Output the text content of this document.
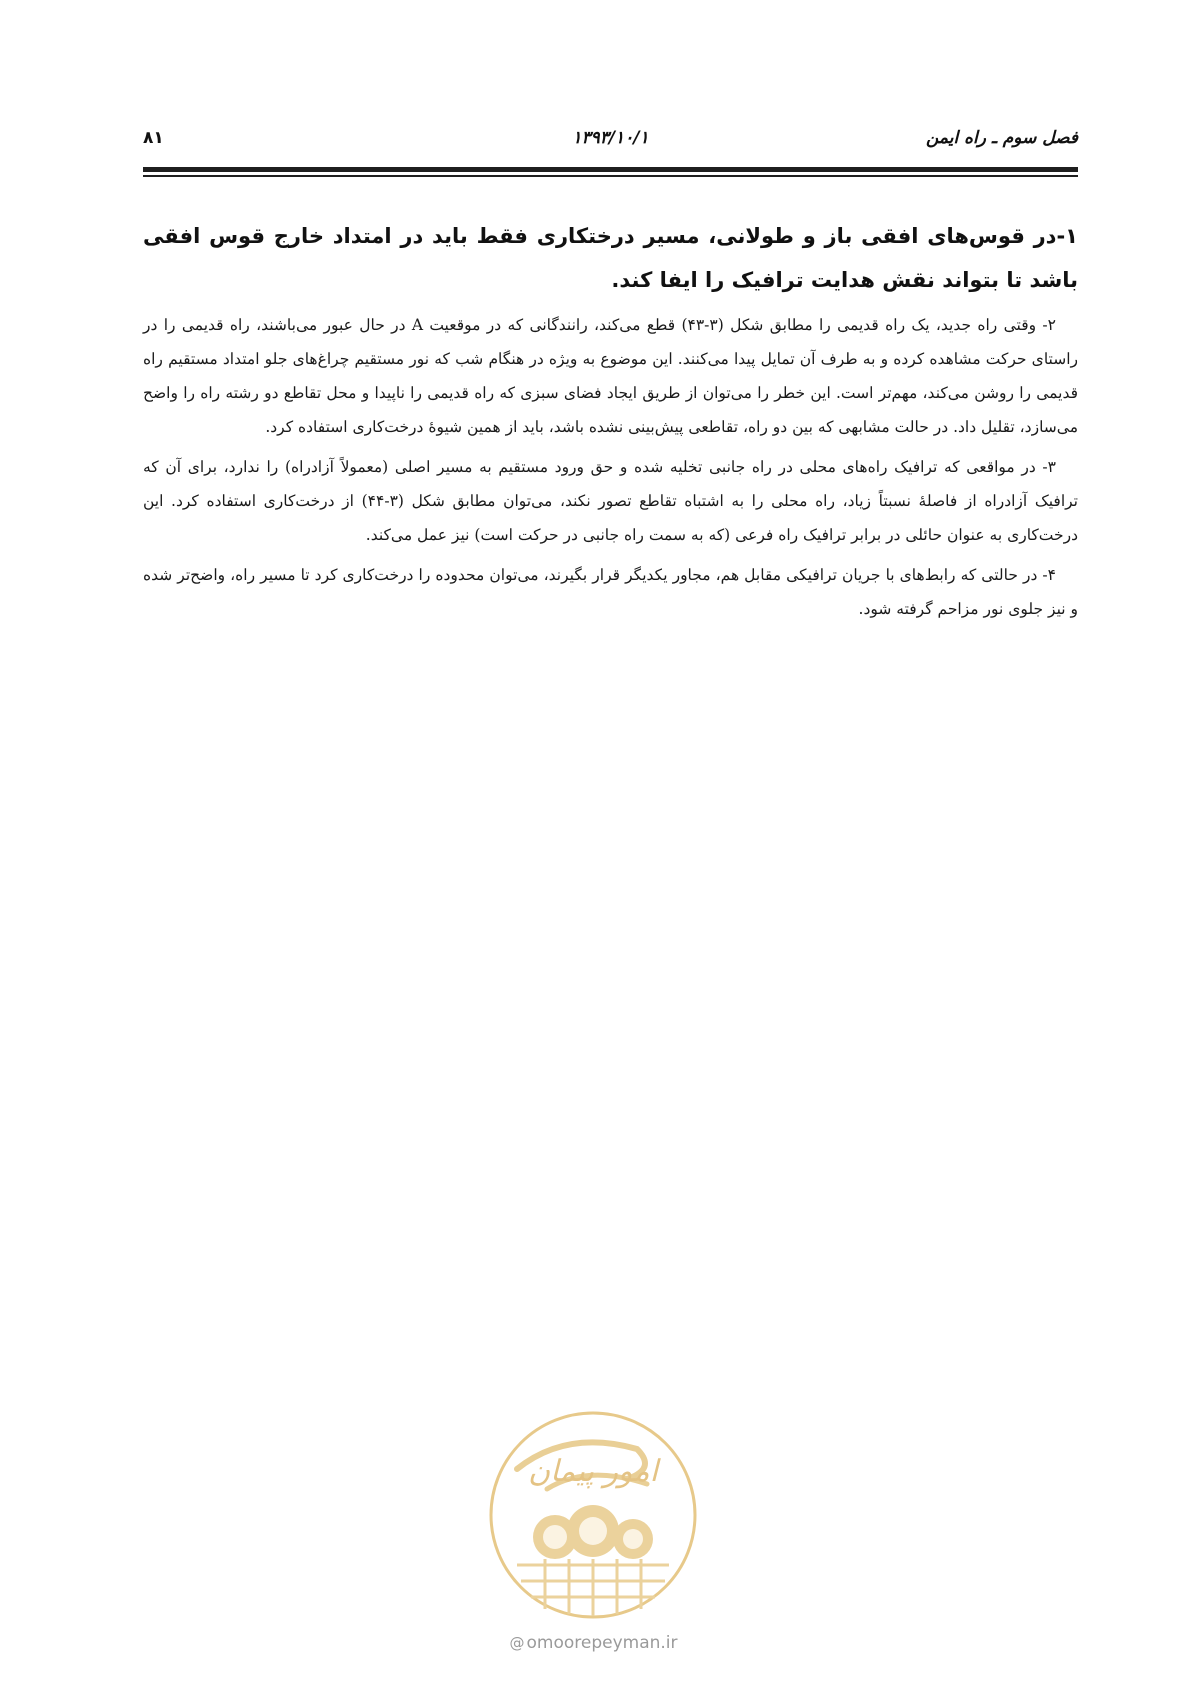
فصل سوم ـ راه ایمن
۱۳۹۳/۱۰/۱
۸۱

۱-در قوس‌های افقی باز و طولانی، مسیر درختکاری فقط باید در امتداد خارج قوس افقی باشد تا بتواند نقش هدایت ترافیک را ایفا کند.

۲- وقتی راه جدید، یک راه قدیمی را مطابق شکل (۳-۴۳) قطع می‌کند، رانندگانی که در موقعیت A در حال عبور می‌باشند، راه قدیمی را در راستای حرکت مشاهده کرده و به طرف آن تمایل پیدا می‌کنند. این موضوع به ویژه در هنگام شب که نور مستقیم چراغ‌های جلو امتداد مستقیم راه قدیمی را روشن می‌کند، مهم‌تر است. این خطر را می‌توان از طریق ایجاد فضای سبزی که راه قدیمی را ناپیدا و محل تقاطع دو رشته راه را واضح می‌سازد، تقلیل داد. در حالت مشابهی که بین دو راه، تقاطعی پیش‌بینی نشده باشد، باید از همین شیوهٔ درخت‌کاری استفاده کرد.

۳- در مواقعی که ترافیک راه‌های محلی در راه جانبی تخلیه شده و حق ورود مستقیم به مسیر اصلی (معمولاً آزادراه) را ندارد، برای آن که ترافیک آزادراه از فاصلهٔ نسبتاً زیاد، راه محلی را به اشتباه تقاطع تصور نکند، می‌توان مطابق شکل (۳-۴۴) از درخت‌کاری استفاده کرد. این درخت‌کاری به عنوان حائلی در برابر ترافیک راه فرعی (که به سمت راه جانبی در حرکت است) نیز عمل می‌کند.

۴- در حالتی که رابط‌های با جریان ترافیکی مقابل هم، مجاور یکدیگر قرار بگیرند، می‌توان محدوده را درخت‌کاری کرد تا مسیر راه، واضح‌تر شده و نیز جلوی نور مزاحم گرفته شود.

امور پیمان
@ omoorepeyman.ir
